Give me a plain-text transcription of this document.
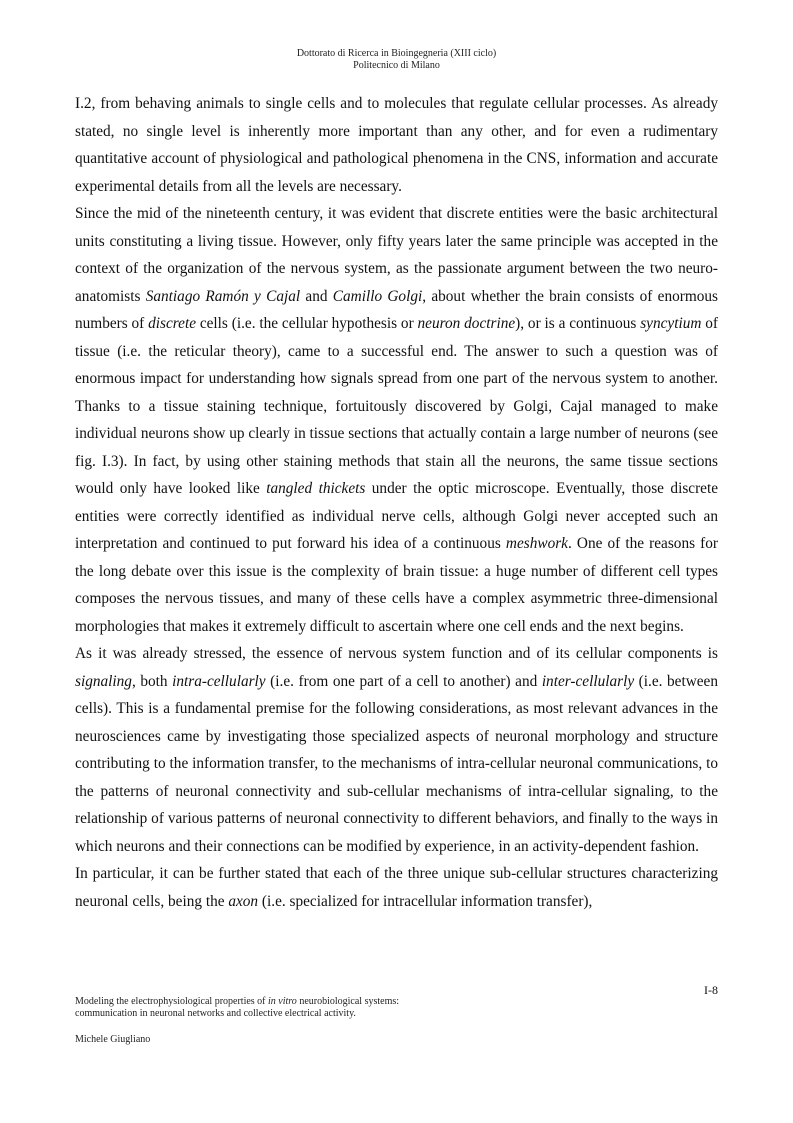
Dottorato di Ricerca in Bioingegneria (XIII ciclo)
Politecnico di Milano

I.2, from behaving animals to single cells and to molecules that regulate cellular processes. As already stated, no single level is inherently more important than any other, and for even a rudimentary quantitative account of physiological and pathological phenomena in the CNS, information and accurate experimental details from all the levels are necessary.

Since the mid of the nineteenth century, it was evident that discrete entities were the basic architectural units constituting a living tissue. However, only fifty years later the same principle was accepted in the context of the organization of the nervous system, as the passionate argument between the two neuro-anatomists Santiago Ramón y Cajal and Camillo Golgi, about whether the brain consists of enormous numbers of discrete cells (i.e. the cellular hypothesis or neuron doctrine), or is a continuous syncytium of tissue (i.e. the reticular theory), came to a successful end. The answer to such a question was of enormous impact for understanding how signals spread from one part of the nervous system to another. Thanks to a tissue staining technique, fortuitously discovered by Golgi, Cajal managed to make individual neurons show up clearly in tissue sections that actually contain a large number of neurons (see fig. I.3). In fact, by using other staining methods that stain all the neurons, the same tissue sections would only have looked like tangled thickets under the optic microscope. Eventually, those discrete entities were correctly identified as individual nerve cells, although Golgi never accepted such an interpretation and continued to put forward his idea of a continuous meshwork. One of the reasons for the long debate over this issue is the complexity of brain tissue: a huge number of different cell types composes the nervous tissues, and many of these cells have a complex asymmetric three-dimensional morphologies that makes it extremely difficult to ascertain where one cell ends and the next begins.

As it was already stressed, the essence of nervous system function and of its cellular components is signaling, both intra-cellularly (i.e. from one part of a cell to another) and inter-cellularly (i.e. between cells). This is a fundamental premise for the following considerations, as most relevant advances in the neurosciences came by investigating those specialized aspects of neuronal morphology and structure contributing to the information transfer, to the mechanisms of intra-cellular neuronal communications, to the patterns of neuronal connectivity and sub-cellular mechanisms of intra-cellular signaling, to the relationship of various patterns of neuronal connectivity to different behaviors, and finally to the ways in which neurons and their connections can be modified by experience, in an activity-dependent fashion.

In particular, it can be further stated that each of the three unique sub-cellular structures characterizing neuronal cells, being the axon (i.e. specialized for intracellular information transfer),

I-8
Modeling the electrophysiological properties of in vitro neurobiological systems:
communication in neuronal networks and collective electrical activity.
Michele Giugliano
